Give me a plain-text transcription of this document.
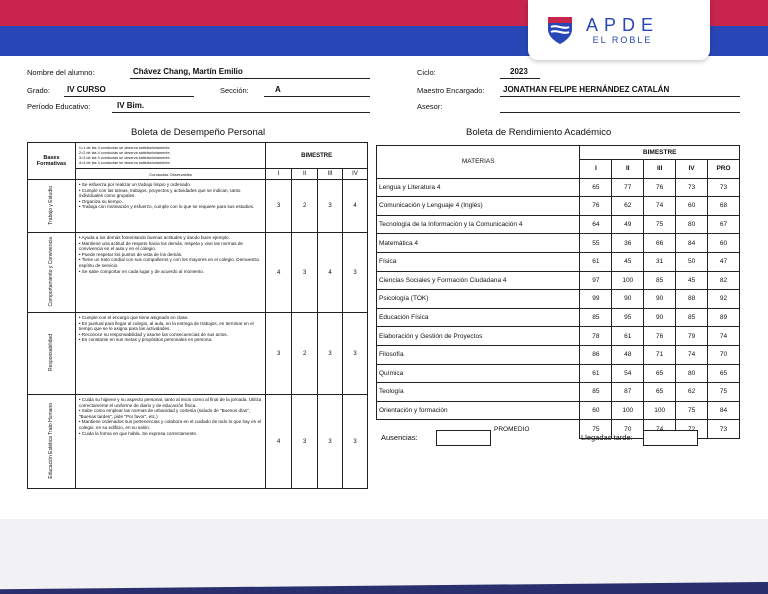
APDE
EL ROBLE
Nombre del alumno:	Chávez Chang, Martín Emilio
Grado: IV CURSO	Sección:	A
Período Educativo:	IV Bim.
Ciclo:	2023
Maestro Encargado: JONATHAN FELIPE HERNÁNDEZ CATALÁN
Asesor:
Boleta de Desempeño Personal	Boleta de Rendimiento Académico
Bases Formativas	1=1 de las 4 conductas se observa satisfactoriamente.
2=2 de las 4 conductas se observa satisfactoriamente.
3=3 de las 4 conductas se observa satisfactoriamente.
4=4 de las 4 conductas se observa satisfactoriamente.	BIMESTRE			
	Conductas Observables	I	II	III	IV
Trabajo y Estudio	• Se esfuerza por realizar un trabajo limpio y ordenado.
• Cumple con las tareas, trabajos, proyectos y actividades que se indican, tanto individuales como grupales.
• Organiza su tiempo.
• Trabaja con motivación y esfuerzo, cumple con lo que se requiere para sus estudios.	3	2	3	4
Comportamiento y Convivencia	• Ayuda a los demás fomentando buenas actitudes y dando buen ejemplo.
• Mantiene una actitud de respeto hacia los demás, respeta y vive las normas de convivencia en el aula y en el colegio.
• Puede respetar los puntos de vista de los demás.
• Tiene un trato cordial con sus compañeros y con los mayores en el colegio. Demuestra espíritu de servicio.
• Se sabe comportar en cada lugar y de acuerdo al momento.	4	3	4	3
Responsabilidad	• Cumple con el encargo que tiene asignado en clase.
• Es puntual para llegar al colegio, al aula, en la entrega de trabajos, en terminar en el tiempo que se le asigna para las actividades.
• Reconoce su responsabilidad y asume las consecuencias de sus actos.
• Es constante en sus metas y propósitos personales en persona.	3	2	3	3
Educación Estética Trato Humano	• Cuida su higiene y su aspecto personal, tanto al inicio como al final de la jornada. Utiliza correctamente el uniforme de diario y de educación física.
• Sabe como emplear las normas de urbanidad y cortesía (saludo de "Buenos días", "Buenas tardes", pide "Por favor", etc.)
• Mantiene ordenados sus pertenencias y colabora en el cuidado de todo lo que hay en el colegio, en su edificio, en su salón.
• Cuida la forma en que habla. Se expresa correctamente.	4	3	3	3
MATERIAS	BIMESTRE				
	I	II	III	IV	PRO
Lengua y Literatura 4	65	77	76	73	73
Comunicación y Lenguaje 4 (Inglés)	76	62	74	60	68
Tecnología de la Información y la Comunicación 4	64	49	75	80	67
Matemática 4	55	36	66	84	60
Física	61	45	31	50	47
Ciencias Sociales y Formación Ciudadana 4	97	100	85	45	82
Psicología (TOK)	99	90	90	88	92
Educación Física	85	95	90	85	89
Elaboración y Gestión de Proyectos	78	61	76	79	74
Filosofía	86	48	71	74	70
Química	61	54	65	80	65
Teología	85	87	65	62	75
Orientación y formación	60	100	100	75	84
PROMEDIO	75	70			73
Ausencias:	Llegadas tarde:
